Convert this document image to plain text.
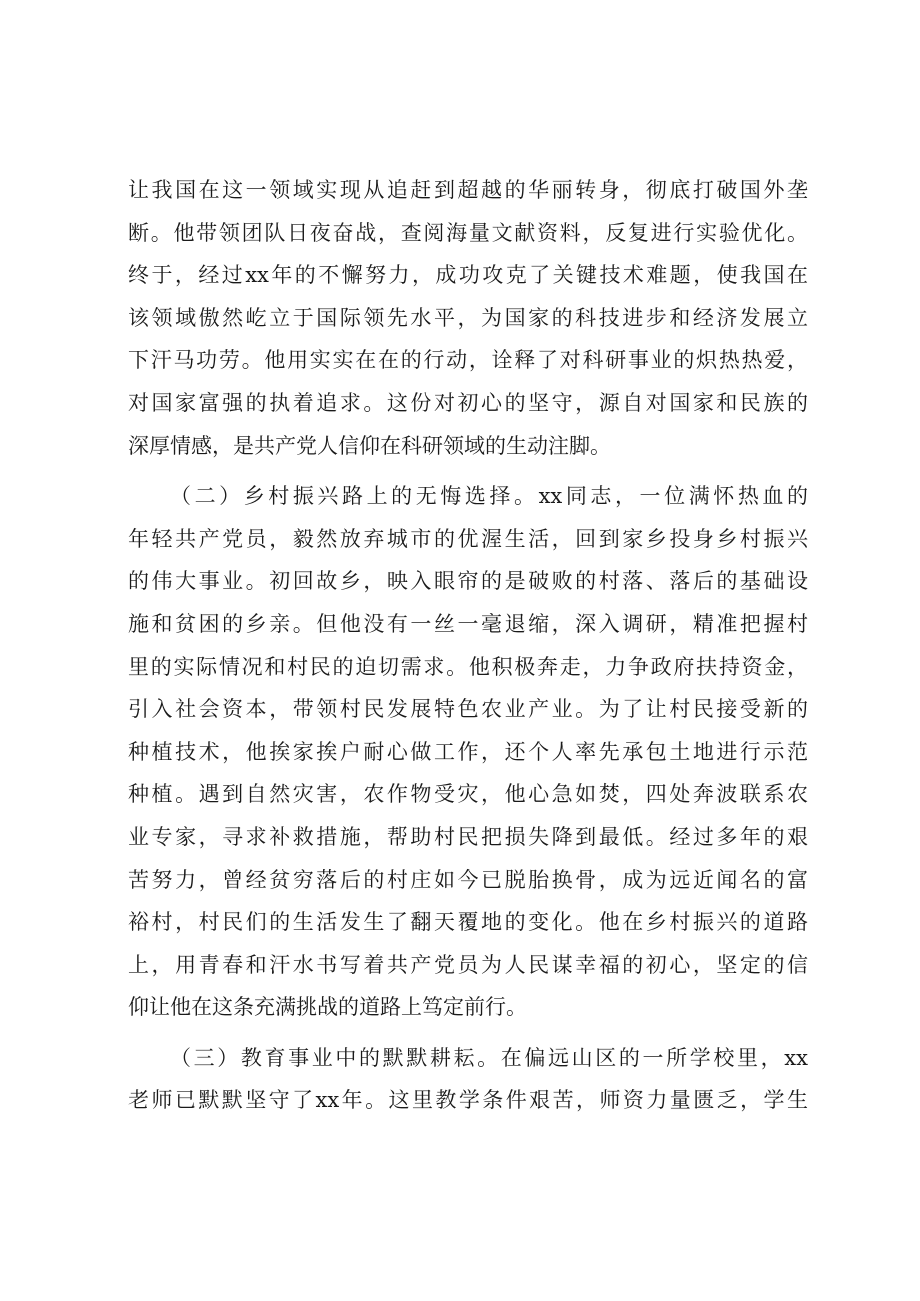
让我国在这一领域实现从追赶到超越的华丽转身，彻底打破国外垄
断。他带领团队日夜奋战，查阅海量文献资料，反复进行实验优化。
终于，经过xx年的不懈努力，成功攻克了关键技术难题，使我国在
该领域傲然屹立于国际领先水平，为国家的科技进步和经济发展立
下汗马功劳。他用实实在在的行动，诠释了对科研事业的炽热热爱，
对国家富强的执着追求。这份对初心的坚守，源自对国家和民族的
深厚情感，是共产党人信仰在科研领域的生动注脚。
（二）乡村振兴路上的无悔选择。xx同志，一位满怀热血的
年轻共产党员，毅然放弃城市的优渥生活，回到家乡投身乡村振兴
的伟大事业。初回故乡，映入眼帘的是破败的村落、落后的基础设
施和贫困的乡亲。但他没有一丝一毫退缩，深入调研，精准把握村
里的实际情况和村民的迫切需求。他积极奔走，力争政府扶持资金，
引入社会资本，带领村民发展特色农业产业。为了让村民接受新的
种植技术，他挨家挨户耐心做工作，还个人率先承包土地进行示范
种植。遇到自然灾害，农作物受灾，他心急如焚，四处奔波联系农
业专家，寻求补救措施，帮助村民把损失降到最低。经过多年的艰
苦努力，曾经贫穷落后的村庄如今已脱胎换骨，成为远近闻名的富
裕村，村民们的生活发生了翻天覆地的变化。他在乡村振兴的道路
上，用青春和汗水书写着共产党员为人民谋幸福的初心，坚定的信
仰让他在这条充满挑战的道路上笃定前行。
（三）教育事业中的默默耕耘。在偏远山区的一所学校里，xx
老师已默默坚守了xx年。这里教学条件艰苦，师资力量匮乏，学生
